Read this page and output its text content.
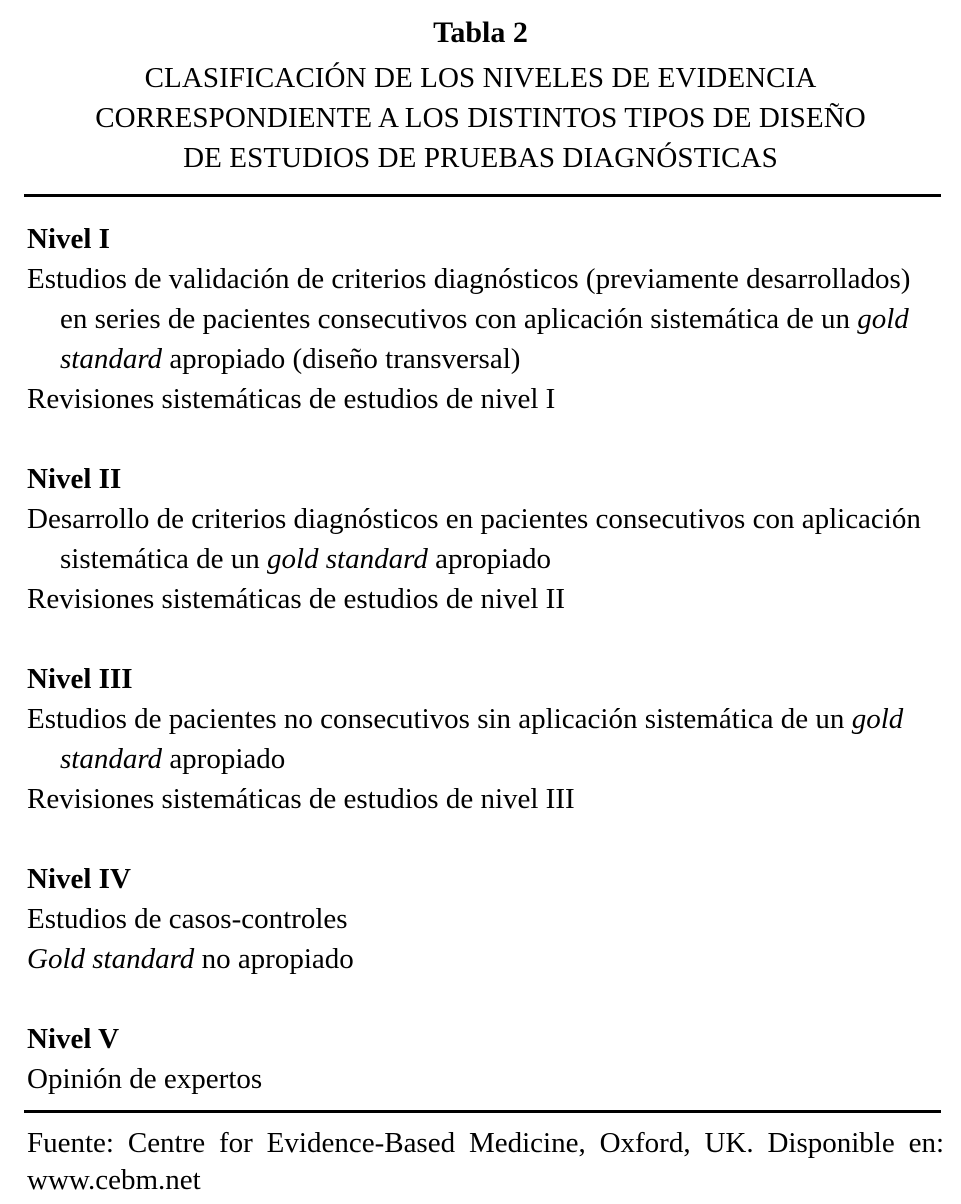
Tabla 2
CLASIFICACIÓN DE LOS NIVELES DE EVIDENCIA
CORRESPONDIENTE A LOS DISTINTOS TIPOS DE DISEÑO
DE ESTUDIOS DE PRUEBAS DIAGNÓSTICAS
Nivel I
Estudios de validación de criterios diagnósticos (previamente desarrollados) en series de pacientes consecutivos con aplicación sistemática de un gold standard apropiado (diseño transversal)
Revisiones sistemáticas de estudios de nivel I
Nivel II
Desarrollo de criterios diagnósticos en pacientes consecutivos con aplicación sistemática de un gold standard apropiado
Revisiones sistemáticas de estudios de nivel II
Nivel III
Estudios de pacientes no consecutivos sin aplicación sistemática de un gold standard apropiado
Revisiones sistemáticas de estudios de nivel III
Nivel IV
Estudios de casos-controles
Gold standard no apropiado
Nivel V
Opinión de expertos
Fuente: Centre for Evidence-Based Medicine, Oxford, UK. Disponible en: www.cebm.net
